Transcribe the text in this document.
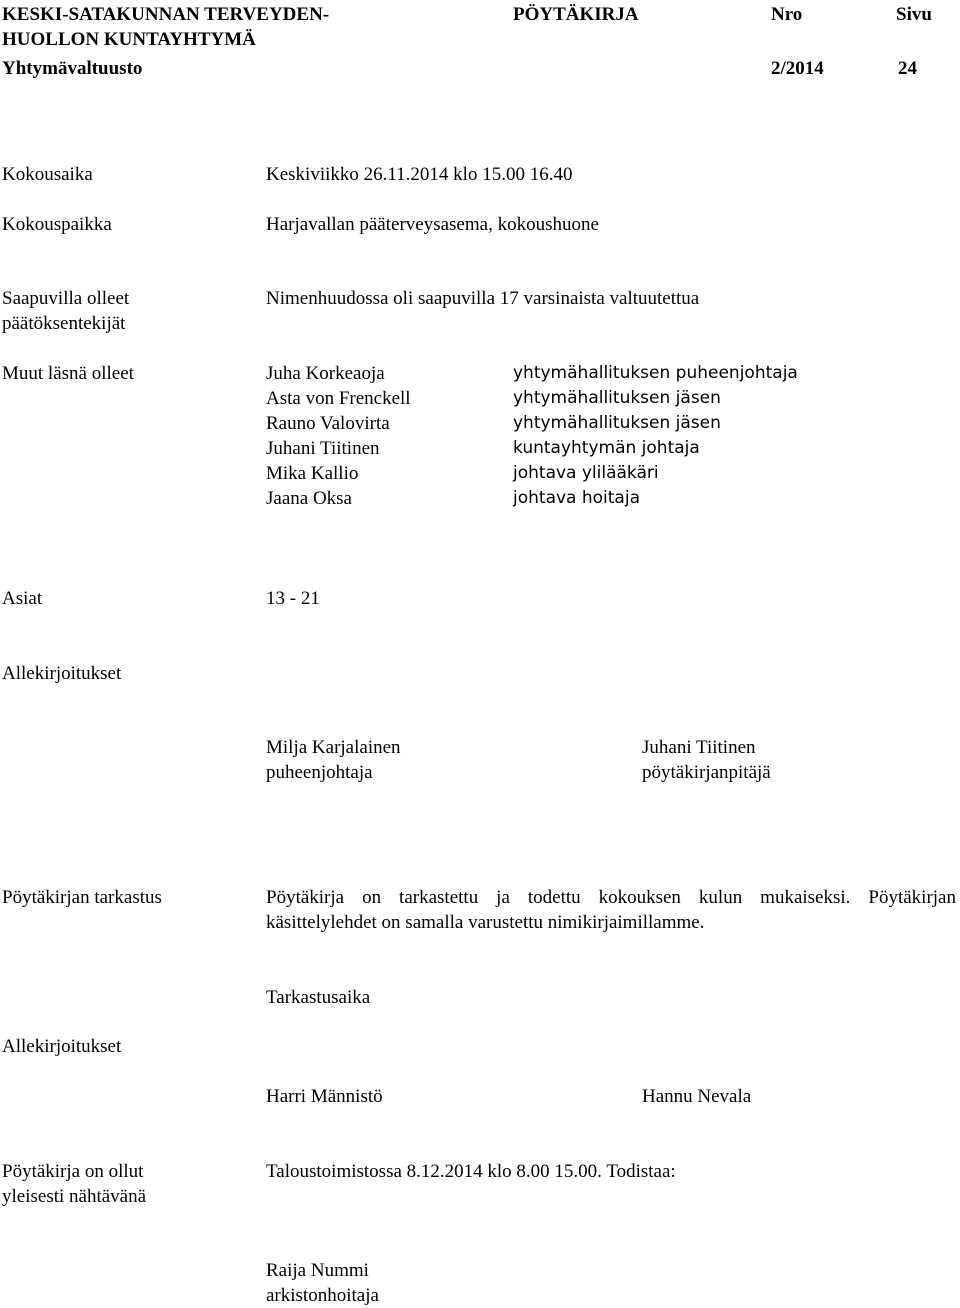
KESKI-SATAKUNNAN TERVEYDEN-
HUOLLON KUNTAYHTYMÄ
Yhtymävaltuusto
PÖYTÄKIRJA	Nro	Sivu
2/2014	24
Kokousaika	Keskiviikko 26.11.2014 klo 15.00 16.40
Kokouspaikka	Harjavallan pääterveysasema, kokoushuone
Saapuvilla olleet
päätöksentekijät
Nimenhuudossa oli saapuvilla 17 varsinaista valtuutettua
Muut läsnä olleet	Juha Korkeaoja	yhtymähallituksen puheenjohtaja
Asta von Frenckell	yhtymähallituksen jäsen
Rauno Valovirta	yhtymähallituksen jäsen
Juhani Tiitinen	kuntayhtymän johtaja
Mika Kallio	johtava ylilääkäri
Jaana Oksa	johtava hoitaja
Asiat	13 - 21
Allekirjoitukset
Milja Karjalainen
puheenjohtaja
Juhani Tiitinen
pöytäkirjanpitäjä
Pöytäkirjan tarkastus	Pöytäkirja on tarkastettu ja todettu kokouksen kulun mukaiseksi. Pöytäkirjan käsittelylehdet on samalla varustettu nimikirjaimillamme.
Tarkastusaika
Allekirjoitukset
Harri Männistö	Hannu Nevala
Pöytäkirja on ollut
yleisesti nähtävänä
Taloustoimistossa 8.12.2014 klo 8.00 15.00. Todistaa:
Raija Nummi
arkistonhoitaja
